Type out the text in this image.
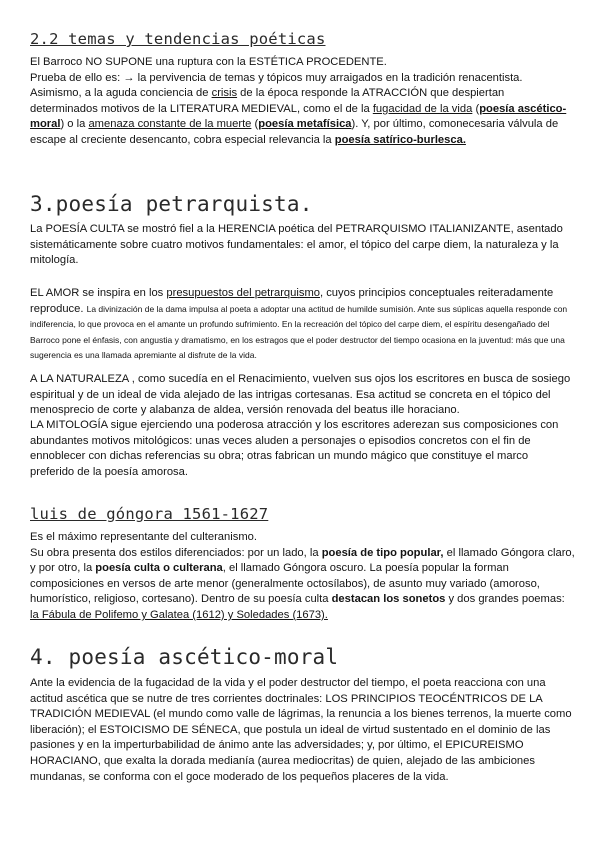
2.2 temas y tendencias poéticas
El Barroco NO SUPONE una ruptura con la ESTÉTICA PROCEDENTE.
Prueba de ello es: → la pervivencia de temas y tópicos muy arraigados en la tradición renacentista.
Asimismo, a la aguda conciencia de crisis de la época responde la ATRACCIÓN que despiertan
determinados motivos de la LITERATURA MEDIEVAL, como el de la fugacidad de la vida (poesía ascético-moral) o la amenaza constante de la muerte (poesía metafísica). Y, por último, comonecesaria válvula de escape al creciente desencanto, cobra especial relevancia la poesía satírico-burlesca.
3.poesía petrarquista.
La POESÍA CULTA se mostró fiel a la HERENCIA poética del PETRARQUISMO ITALIANIZANTE, asentado sistemáticamente sobre cuatro motivos fundamentales: el amor, el tópico del carpe diem, la naturaleza y la mitología.
EL AMOR se inspira en los presupuestos del petrarquismo, cuyos principios conceptuales reiteradamente reproduce. La divinización de la dama impulsa al poeta a adoptar una actitud de humilde sumisión. Ante sus súplicas aquella responde con indiferencia, lo que provoca en el amante un profundo sufrimiento. En la recreación del tópico del carpe diem, el espíritu desengañado del Barroco pone el énfasis, con angustia y dramatismo, en los estragos que el poder destructor del tiempo ocasiona en la juventud: más que una sugerencia es una llamada apremiante al disfrute de la vida.
A LA NATURALEZA , como sucedía en el Renacimiento, vuelven sus ojos los escritores en busca de sosiego espiritual y de un ideal de vida alejado de las intrigas cortesanas. Esa actitud se concreta en el tópico del menosprecio de corte y alabanza de aldea, versión renovada del beatus ille horaciano.
LA MITOLOGÍA sigue ejerciendo una poderosa atracción y los escritores aderezan sus composiciones con abundantes motivos mitológicos: unas veces aluden a personajes o episodios concretos con el fin de ennoblecer con dichas referencias su obra; otras fabrican un mundo mágico que constituye el marco preferido de la poesía amorosa.
luis de góngora 1561-1627
Es el máximo representante del culteranismo.
Su obra presenta dos estilos diferenciados: por un lado, la poesía de tipo popular, el llamado Góngora claro, y por otro, la poesía culta o culterana, el llamado Góngora oscuro. La poesía popular la forman composiciones en versos de arte menor (generalmente octosílabos), de asunto muy variado (amoroso, humorístico, religioso, cortesano). Dentro de su poesía culta destacan los sonetos y dos grandes poemas: la Fábula de Polifemo y Galatea (1612) y Soledades (1673).
4. poesía ascético-moral
Ante la evidencia de la fugacidad de la vida y el poder destructor del tiempo, el poeta reacciona con una actitud ascética que se nutre de tres corrientes doctrinales: LOS PRINCIPIOS TEOCÉNTRICOS DE LA TRADICIÓN MEDIEVAL (el mundo como valle de lágrimas, la renuncia a los bienes terrenos, la muerte como liberación); el ESTOICISMO DE SÉNECA, que postula un ideal de virtud sustentado en el dominio de las pasiones y en la imperturbabilidad de ánimo ante las adversidades; y, por último, el EPICUREISMO HORACIANO, que exalta la dorada medianía (aurea mediocritas) de quien, alejado de las ambiciones mundanas, se conforma con el goce moderado de los pequeños placeres de la vida.
